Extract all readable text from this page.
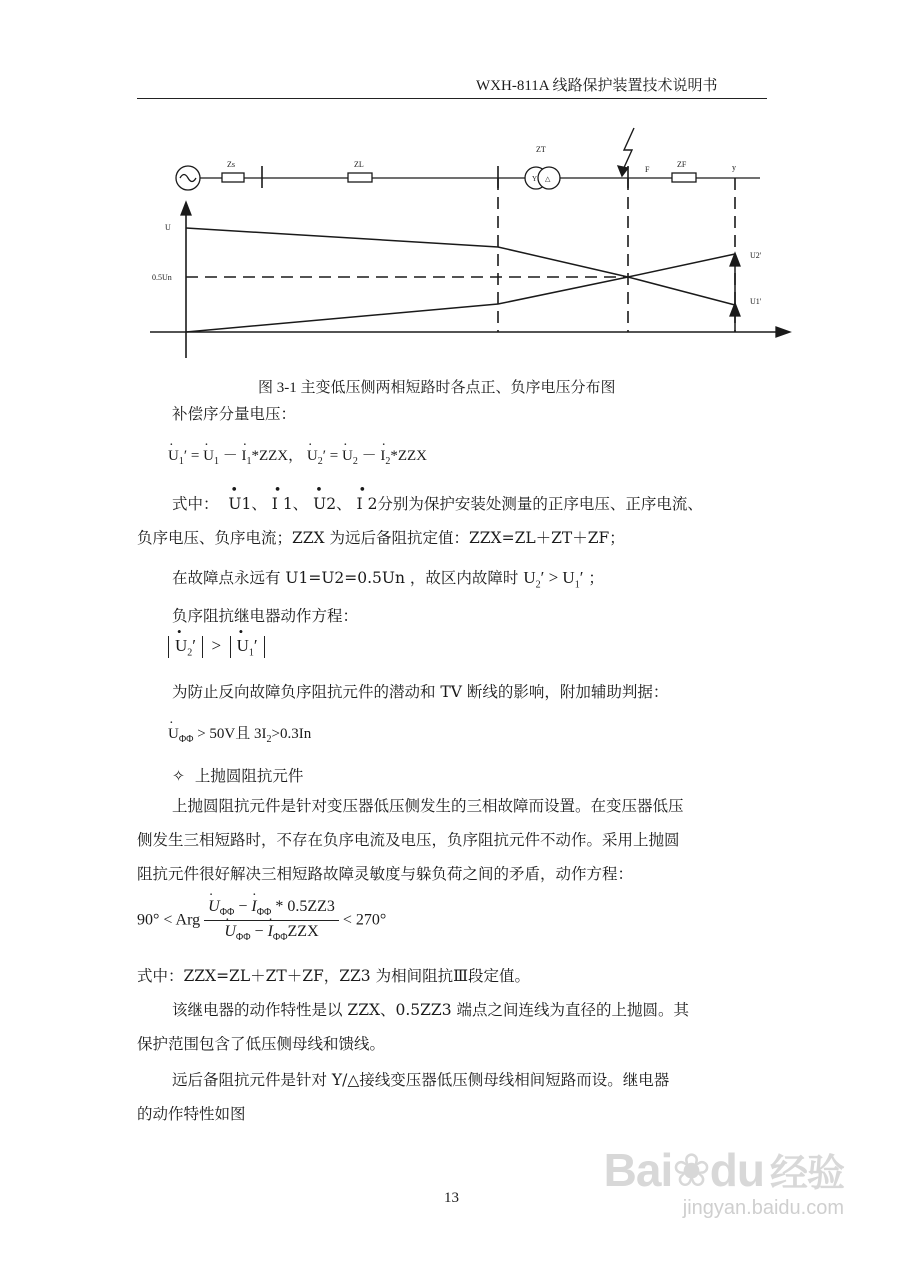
WXH-811A 线路保护装置技术说明书
Zs	ZL
ZT
Y △
F
ZF	y
U
0.5Un
U2'
U1'
图 3-1 主变低压侧两相短路时各点正、负序电压分布图
补偿序分量电压：
· $U_1'$ = · $U_1$ － · $I_1*ZZX$， · $U_2'$ = · $U_2$ － · $I_2*ZZX$
式中： • U1、 • I 1、 • U2、 • I 2分别为保护安装处测量的正序电压、正序电流、
负序电压、负序电流；ZZX 为远后备阻抗定值：ZZX=ZL＋ZT＋ZF；
在故障点永远有 U1=U2=0.5Un ，故区内故障时 $U_2' > U_1'$ ；
负序阻抗继电器动作方程：
• $U_2'$ > • $U_1'$
为防止反向故障负序阻抗元件的潜动和 TV 断线的影响，附加辅助判据：
· $U_{\Phi\Phi} > 50V$且 $3I_2>0.3In$
✧ 上抛圆阻抗元件
上抛圆阻抗元件是针对变压器低压侧发生的三相故障而设置。在变压器低压
侧发生三相短路时，不存在负序电流及电压，负序阻抗元件不动作。采用上抛圆
阻抗元件很好解决三相短路故障灵敏度与躲负荷之间的矛盾，动作方程：
90° < Arg · $U_{\Phi\Phi}$ − · $I_{\Phi\Phi} * 0.5ZZ3$
· $U_{\Phi\Phi}$ − · $I_{\Phi\Phi}ZZX < 270^\circ$
式中：ZZX=ZL＋ZT＋ZF，ZZ3 为相间阻抗Ⅲ段定值。
该继电器的动作特性是以 ZZX、0.5ZZ3 端点之间连线为直径的上抛圆。其
保护范围包含了低压侧母线和馈线。
远后备阻抗元件是针对 Y/△接线变压器低压侧母线相间短路而设。继电器
的动作特性如图
13
Bai❀du 经验
jingyan.baidu.com
